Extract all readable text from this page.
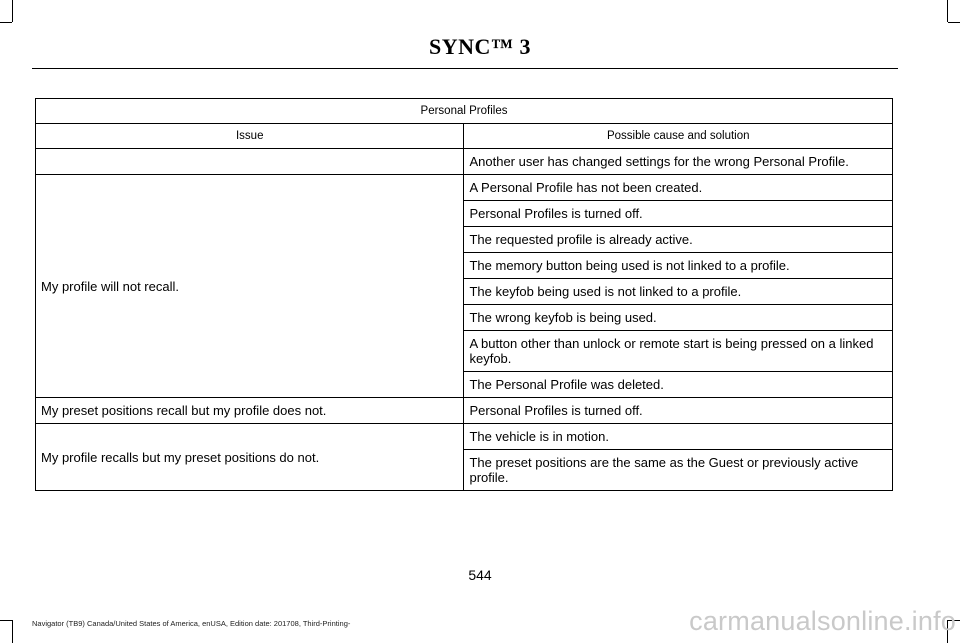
SYNC™ 3
Personal Profiles	
Issue	Possible cause and solution
	Another user has changed settings for the wrong Personal Profile.
My profile will not recall.	A Personal Profile has not been created.
	Personal Profiles is turned off.
	The requested profile is already active.
	The memory button being used is not linked to a profile.
	The keyfob being used is not linked to a profile.
	The wrong keyfob is being used.
	A button other than unlock or remote start is being pressed on a linked keyfob.
	The Personal Profile was deleted.
My preset positions recall but my profile does not.	Personal Profiles is turned off.
My profile recalls but my preset positions do not.	The vehicle is in motion.
	The preset positions are the same as the Guest or previously active profile.
544
Navigator (TB9) Canada/United States of America, enUSA, Edition date: 201708, Third-Printing-	carmanualsonline.info
